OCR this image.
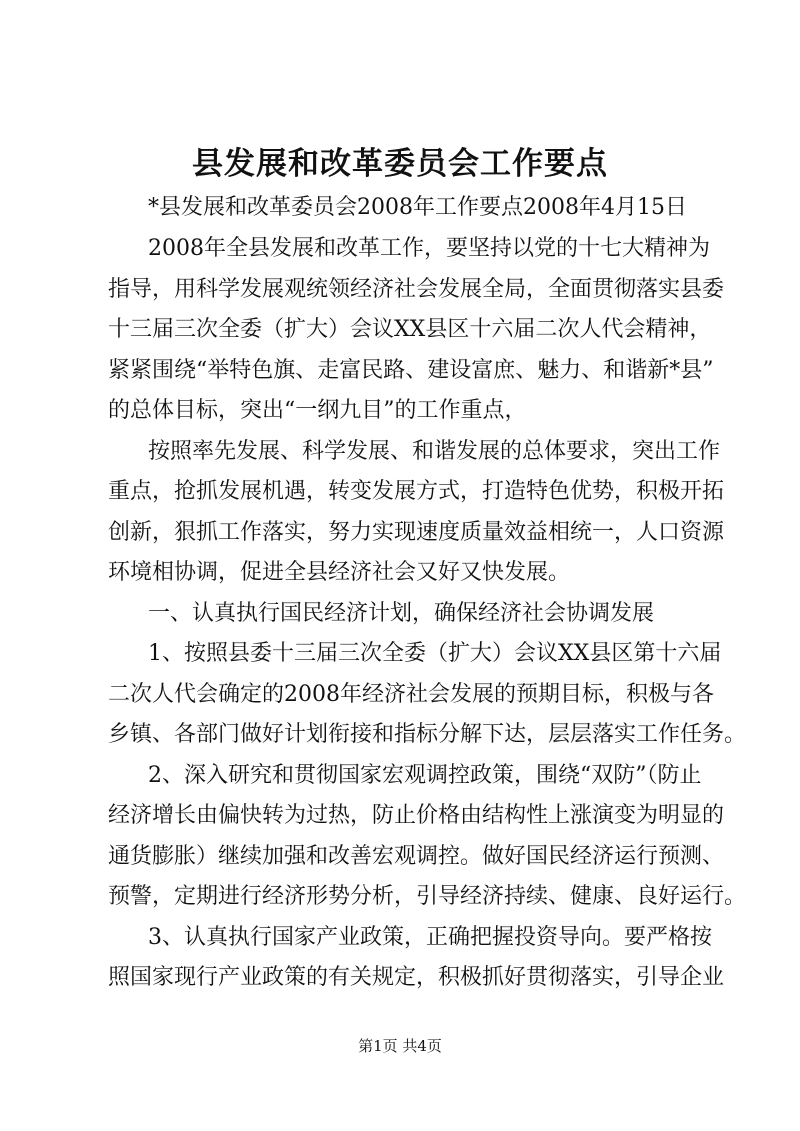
县发展和改革委员会工作要点
*县发展和改革委员会2008年工作要点2008年4月15日
2008年全县发展和改革工作，要坚持以党的十七大精神为
指导，用科学发展观统领经济社会发展全局，全面贯彻落实县委
十三届三次全委（扩大）会议XX县区十六届二次人代会精神，
紧紧围绕“举特色旗、走富民路、建设富庶、魅力、和谐新*县”
的总体目标，突出“一纲九目”的工作重点，
按照率先发展、科学发展、和谐发展的总体要求，突出工作
重点，抢抓发展机遇，转变发展方式，打造特色优势，积极开拓
创新，狠抓工作落实，努力实现速度质量效益相统一，人口资源
环境相协调，促进全县经济社会又好又快发展。
一、认真执行国民经济计划，确保经济社会协调发展
1、按照县委十三届三次全委（扩大）会议XX县区第十六届
二次人代会确定的2008年经济社会发展的预期目标，积极与各
乡镇、各部门做好计划衔接和指标分解下达，层层落实工作任务。
2、深入研究和贯彻国家宏观调控政策，围绕“双防”（防止
经济增长由偏快转为过热，防止价格由结构性上涨演变为明显的
通货膨胀）继续加强和改善宏观调控。做好国民经济运行预测、
预警，定期进行经济形势分析，引导经济持续、健康、良好运行。
3、认真执行国家产业政策，正确把握投资导向。要严格按
照国家现行产业政策的有关规定，积极抓好贯彻落实，引导企业
第1页 共4页
